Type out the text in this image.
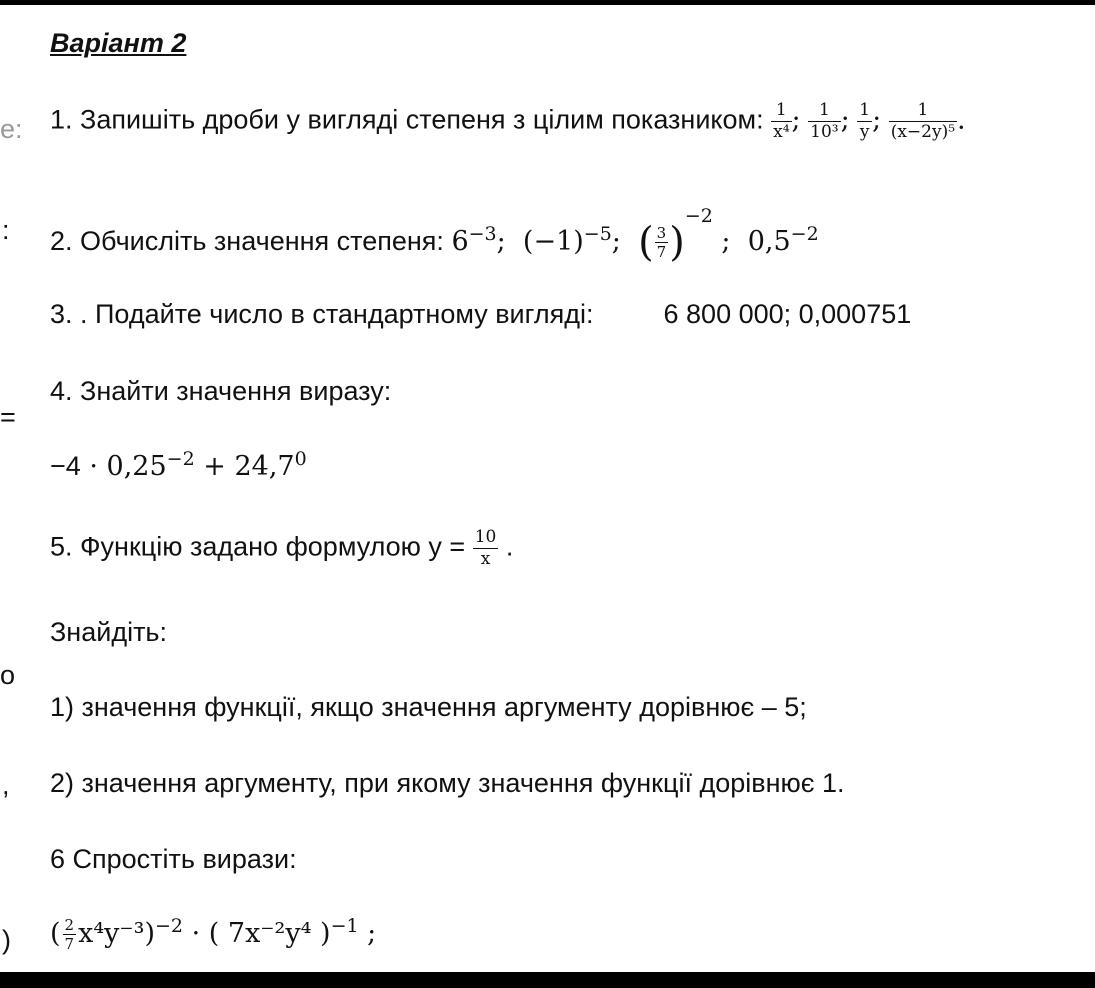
е:
:
=
о
,
)
Варіант 2
1. Запишіть дроби у вигляді степеня з цілим показником: $\frac{1}{\text{x⁴}}$ ; $\frac{1}{\text{10³}}$ ; $\frac{1}{y}$ ; $\frac{1}{\text{(x−2y)⁵}}$ .
2. Обчисліть значення степеня: $6^{-3}$;  $(-1)^{-5}$;  ( $\frac{3}{7} )^{-2}$ ;  $0,5^{-2}$
3. . Подайте число в стандартному вигляді:	6 800 000; 0,000751
4. Знайти значення виразу:
$-4 \cdot 0,25^{-2} + 24,7^0$
5. Функцію задано формулою $у = \frac{10}{x}$ .
Знайдіть:
1) значення функції, якщо значення аргументу дорівнює – 5;
2) значення аргументу, при якому значення функції дорівнює 1.
6 Спростіть вирази:
( $\frac{2}{7} x^4y^{-3})^{-2}$ · ( 7x⁻²y⁴ )$^{-1}$ ;
